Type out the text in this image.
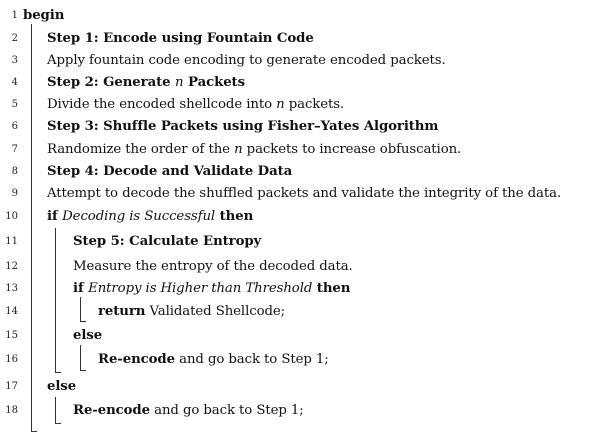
1 begin
2 Step 1: Encode using Fountain Code
3 Apply fountain code encoding to generate encoded packets.
4 Step 2: Generate n Packets
5 Divide the encoded shellcode into n packets.
6 Step 3: Shuffle Packets using Fisher–Yates Algorithm
7 Randomize the order of the n packets to increase obfuscation.
8 Step 4: Decode and Validate Data
9 Attempt to decode the shuffled packets and validate the integrity of the data.
10 if Decoding is Successful then
11	Step 5: Calculate Entropy
12	Measure the entropy of the decoded data.
13	if Entropy is Higher than Threshold then
14	return Validated Shellcode;
15	else
16	Re-encode and go back to Step 1;
17 else
18	Re-encode and go back to Step 1;
